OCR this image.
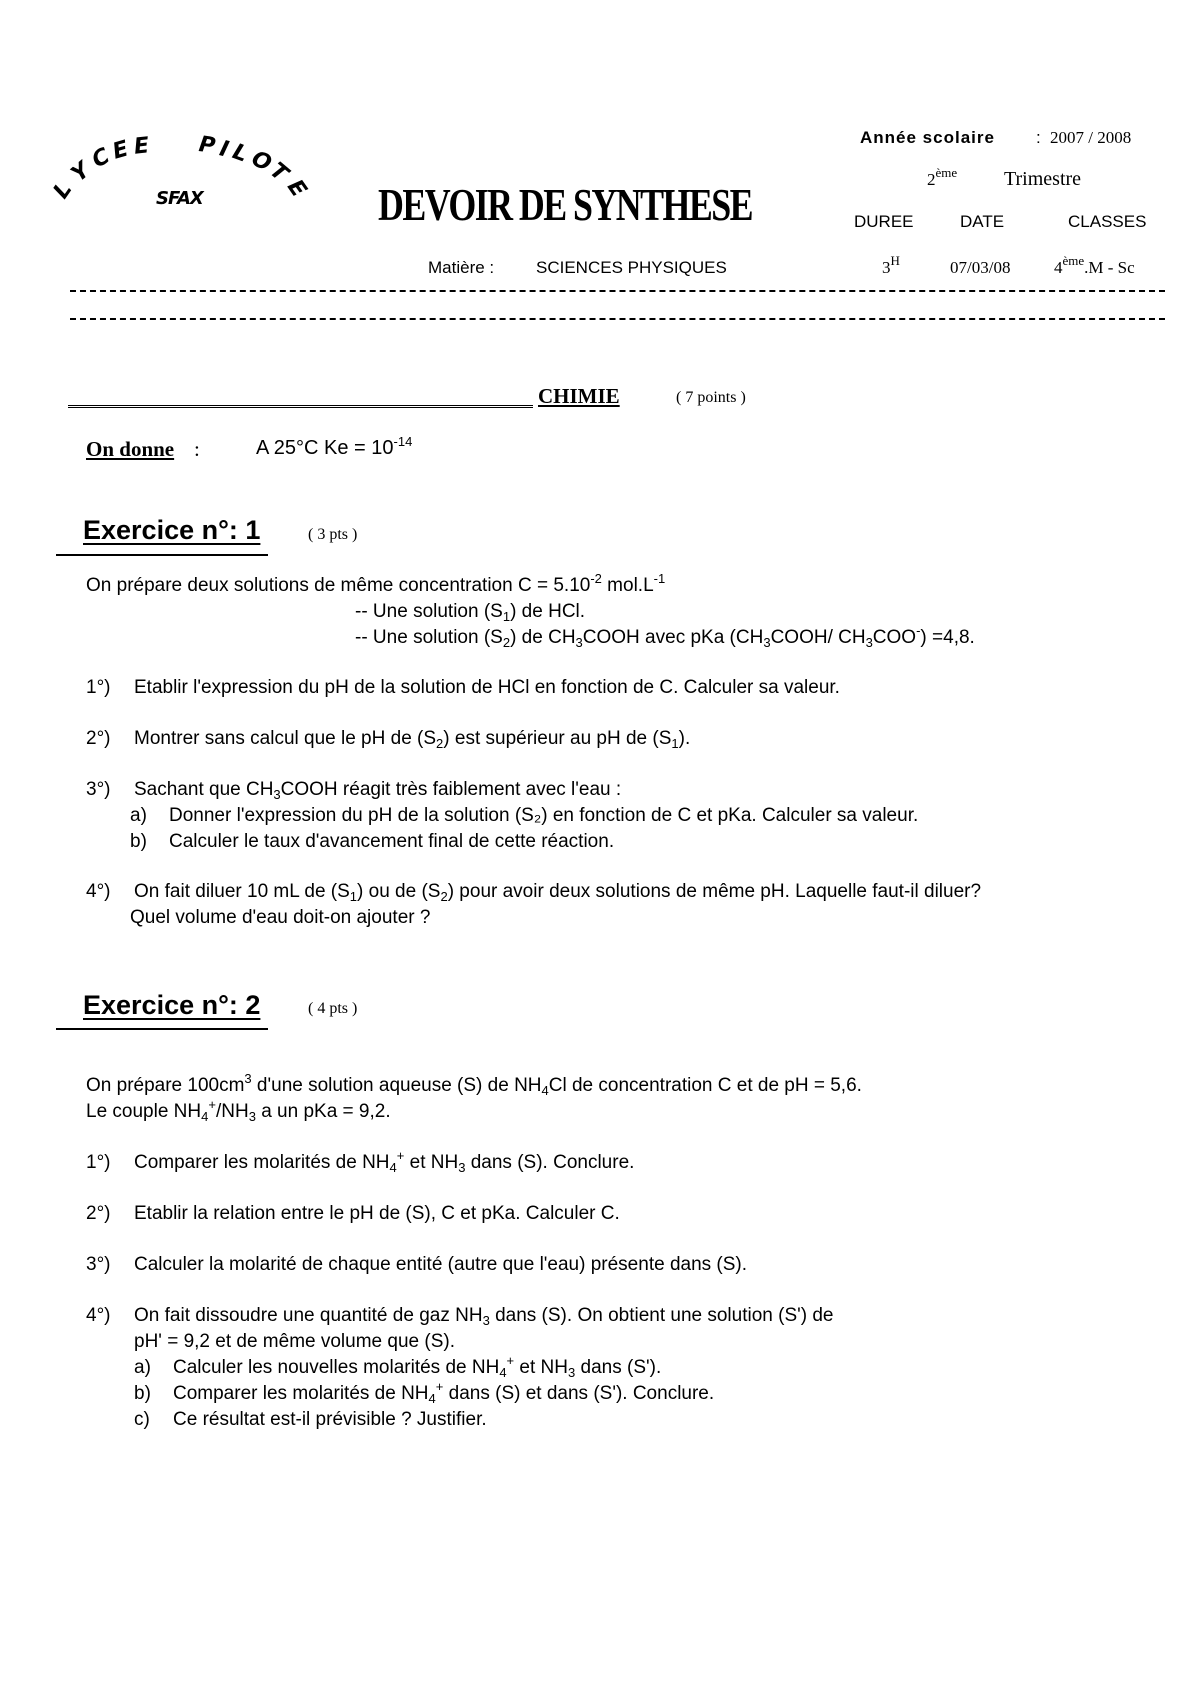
L
Y
C
E E P I
L
O
T
E
SFAX	DEVOIR DE SYNTHESE
Année scolaire : 2007 / 2008
2ème Trimestre
DUREE	DATE	CLASSES
Matière : SCIENCES PHYSIQUES	$3^H$	07/03/08	4ème.M - Sc
CHIMIE	( 7 points )
On donne :	A 25°C $Ke = 10^{-14}$
Exercice n°: 1	( 3 pts )
On prépare deux solutions de même concentration $C = 5.10^{-2}$ $mol.L^{-1}$
-- Une solution $(S_1)$ de HCl.
-- Une solution $(S_2)$ de $CH_3COOH$ avec pKa ($CH_3COOH/$ $CH_3COO^-) =4,8$.
1°) Etablir l'expression du pH de la solution de HCl en fonction de C. Calculer sa valeur.
2°) Montrer sans calcul que le pH de $(S_2)$ est supérieur au pH de $(S_1)$.
3°) Sachant que $CH_3COOH$ réagit très faiblement avec l'eau :
a) Donner l'expression du pH de la solution (S₂) en fonction de C et pKa. Calculer sa valeur.
b) Calculer le taux d'avancement final de cette réaction.
4°) On fait diluer 10 mL de $(S_1)$ ou de $(S_2)$ pour avoir deux solutions de même pH. Laquelle faut-il diluer?
Quel volume d'eau doit-on ajouter ?
Exercice n°: 2	( 4 pts )
On prépare $100cm^3$ d'une solution aqueuse (S) de $NH_4Cl$ de concentration C et de pH = 5,6.
Le couple $NH_4^+/NH_3$ a un pKa = 9,2.
1°) Comparer les molarités de $NH_4^+$ et $NH_3$ dans (S). Conclure.
2°) Etablir la relation entre le pH de (S), C et pKa. Calculer C.
3°) Calculer la molarité de chaque entité (autre que l'eau) présente dans (S).
4°) On fait dissoudre une quantité de gaz $NH_3$ dans (S). On obtient une solution (S') de
pH' = 9,2 et de même volume que (S).
a) Calculer les nouvelles molarités de $NH_4^+$ et $NH_3$ dans (S').
b) Comparer les molarités de $NH_4^+$ dans (S) et dans (S'). Conclure.
c) Ce résultat est-il prévisible ? Justifier.
